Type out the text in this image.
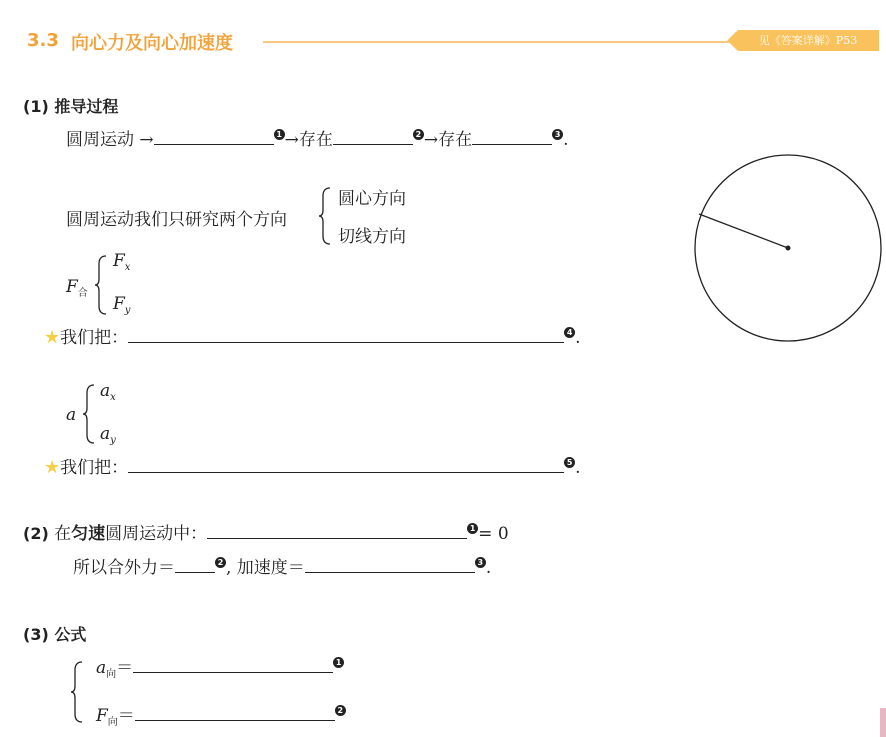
3.3 向心力及向心加速度	见《答案详解》P53
(1) 推导过程
圆周运动 →	1 →存在	2 →存在	3 .
圆周运动我们只研究两个方向
圆心方向
切线方向
$F_合$
$F_x$
$F_y$
★我们把：	4 .
a
$a_x$
$a_y$
★我们把：	5 .
(2) 在匀速圆周运动中：	1 = 0
所以合外力＝	2 , 加速度＝	3 .
(3) 公式
$a_向=$	1
$F_向=$	2
